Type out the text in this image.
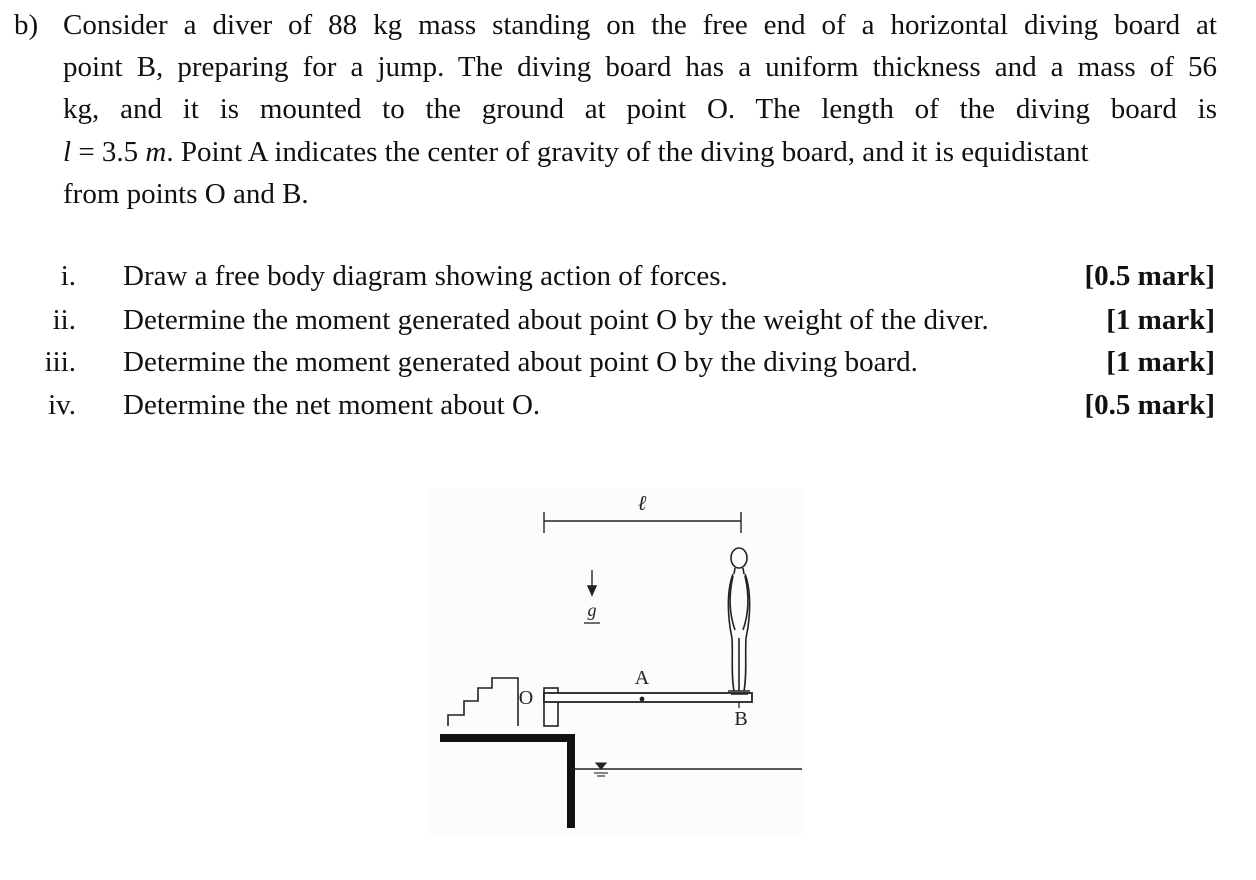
b) Consider a diver of 88 kg mass standing on the free end of a horizontal diving board at
point B, preparing for a jump. The diving board has a uniform thickness and a mass of 56
kg, and it is mounted to the ground at point O. The length of the diving board is
l = 3.5 m. Point A indicates the center of gravity of the diving board, and it is equidistant
from points O and B.
i. Draw a free body diagram showing action of forces.	[0.5 mark]
ii. Determine the moment generated about point O by the weight of the diver.	[1 mark]
iii. Determine the moment generated about point O by the diving board.	[1 mark]
iv. Determine the net moment about O.	[0.5 mark]
ℓ
g
O
A
B
